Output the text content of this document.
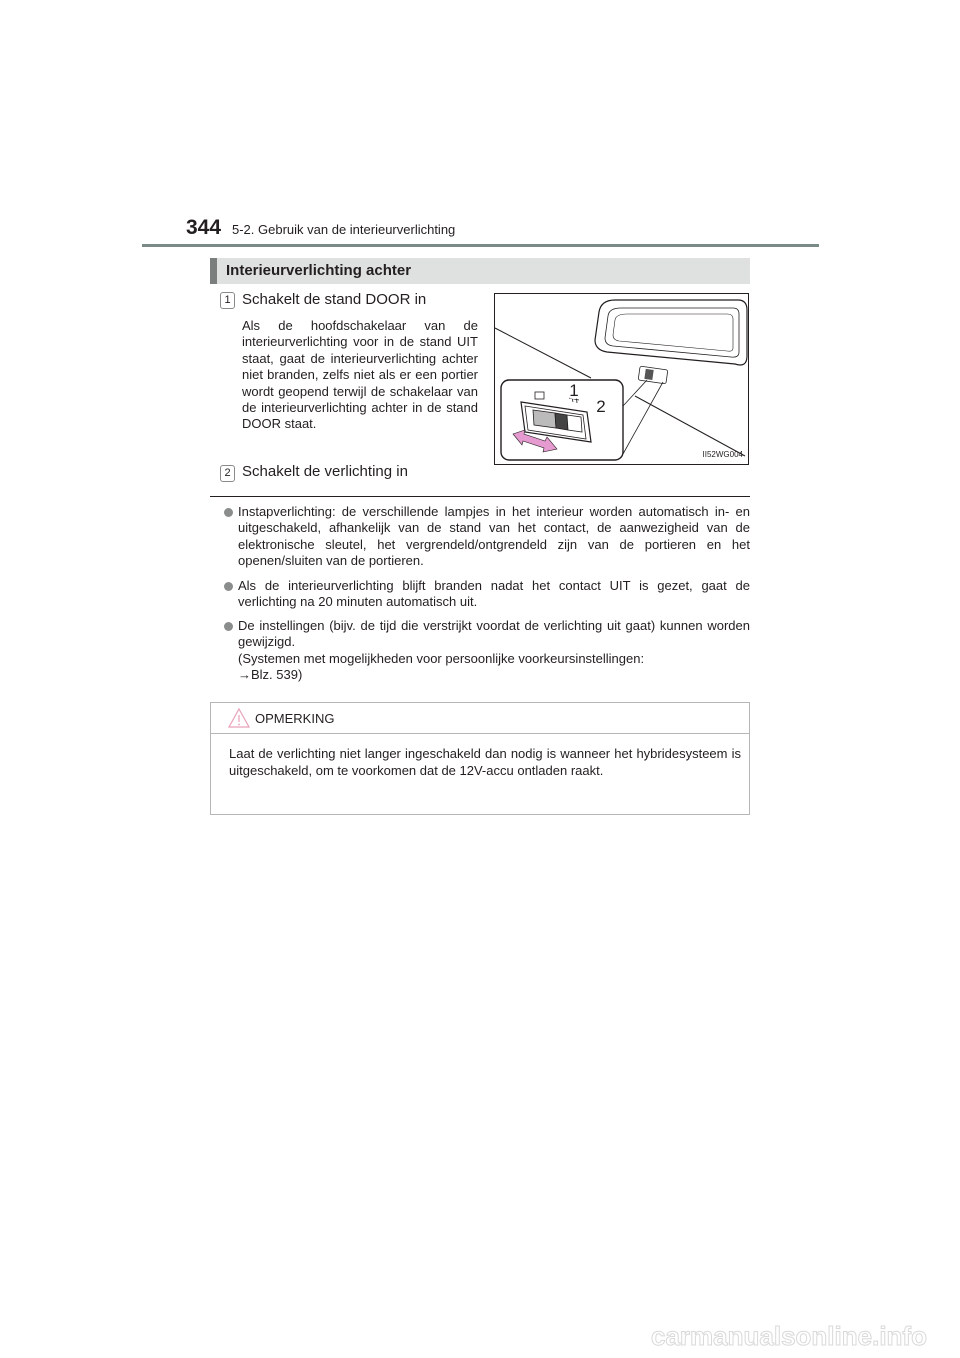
344 5-2. Gebruik van de interieurverlichting
Interieurverlichting achter
1 Schakelt de stand DOOR in
Als de hoofdschakelaar van de interieurverlichting voor in de stand UIT staat, gaat de interieurverlichting achter niet branden, zelfs niet als er een portier wordt geopend terwijl de schakelaar van de interieurverlichting achter in de stand DOOR staat.
2 Schakelt de verlichting in
1
2
II52WG004
Instapverlichting: de verschillende lampjes in het interieur worden automatisch in- en uitgeschakeld, afhankelijk van de stand van het contact, de aanwezigheid van de elektronische sleutel, het vergrendeld/ontgrendeld zijn van de portieren en het openen/sluiten van de portieren.
Als de interieurverlichting blijft branden nadat het contact UIT is gezet, gaat de verlichting na 20 minuten automatisch uit.
De instellingen (bijv. de tijd die verstrijkt voordat de verlichting uit gaat) kunnen worden gewijzigd.
(Systemen met mogelijkheden voor persoonlijke voorkeursinstellingen:
→Blz. 539)
OPMERKING
Laat de verlichting niet langer ingeschakeld dan nodig is wanneer het hybridesysteem is uitgeschakeld, om te voorkomen dat de 12V-accu ontladen raakt.
carmanualsonline.info
